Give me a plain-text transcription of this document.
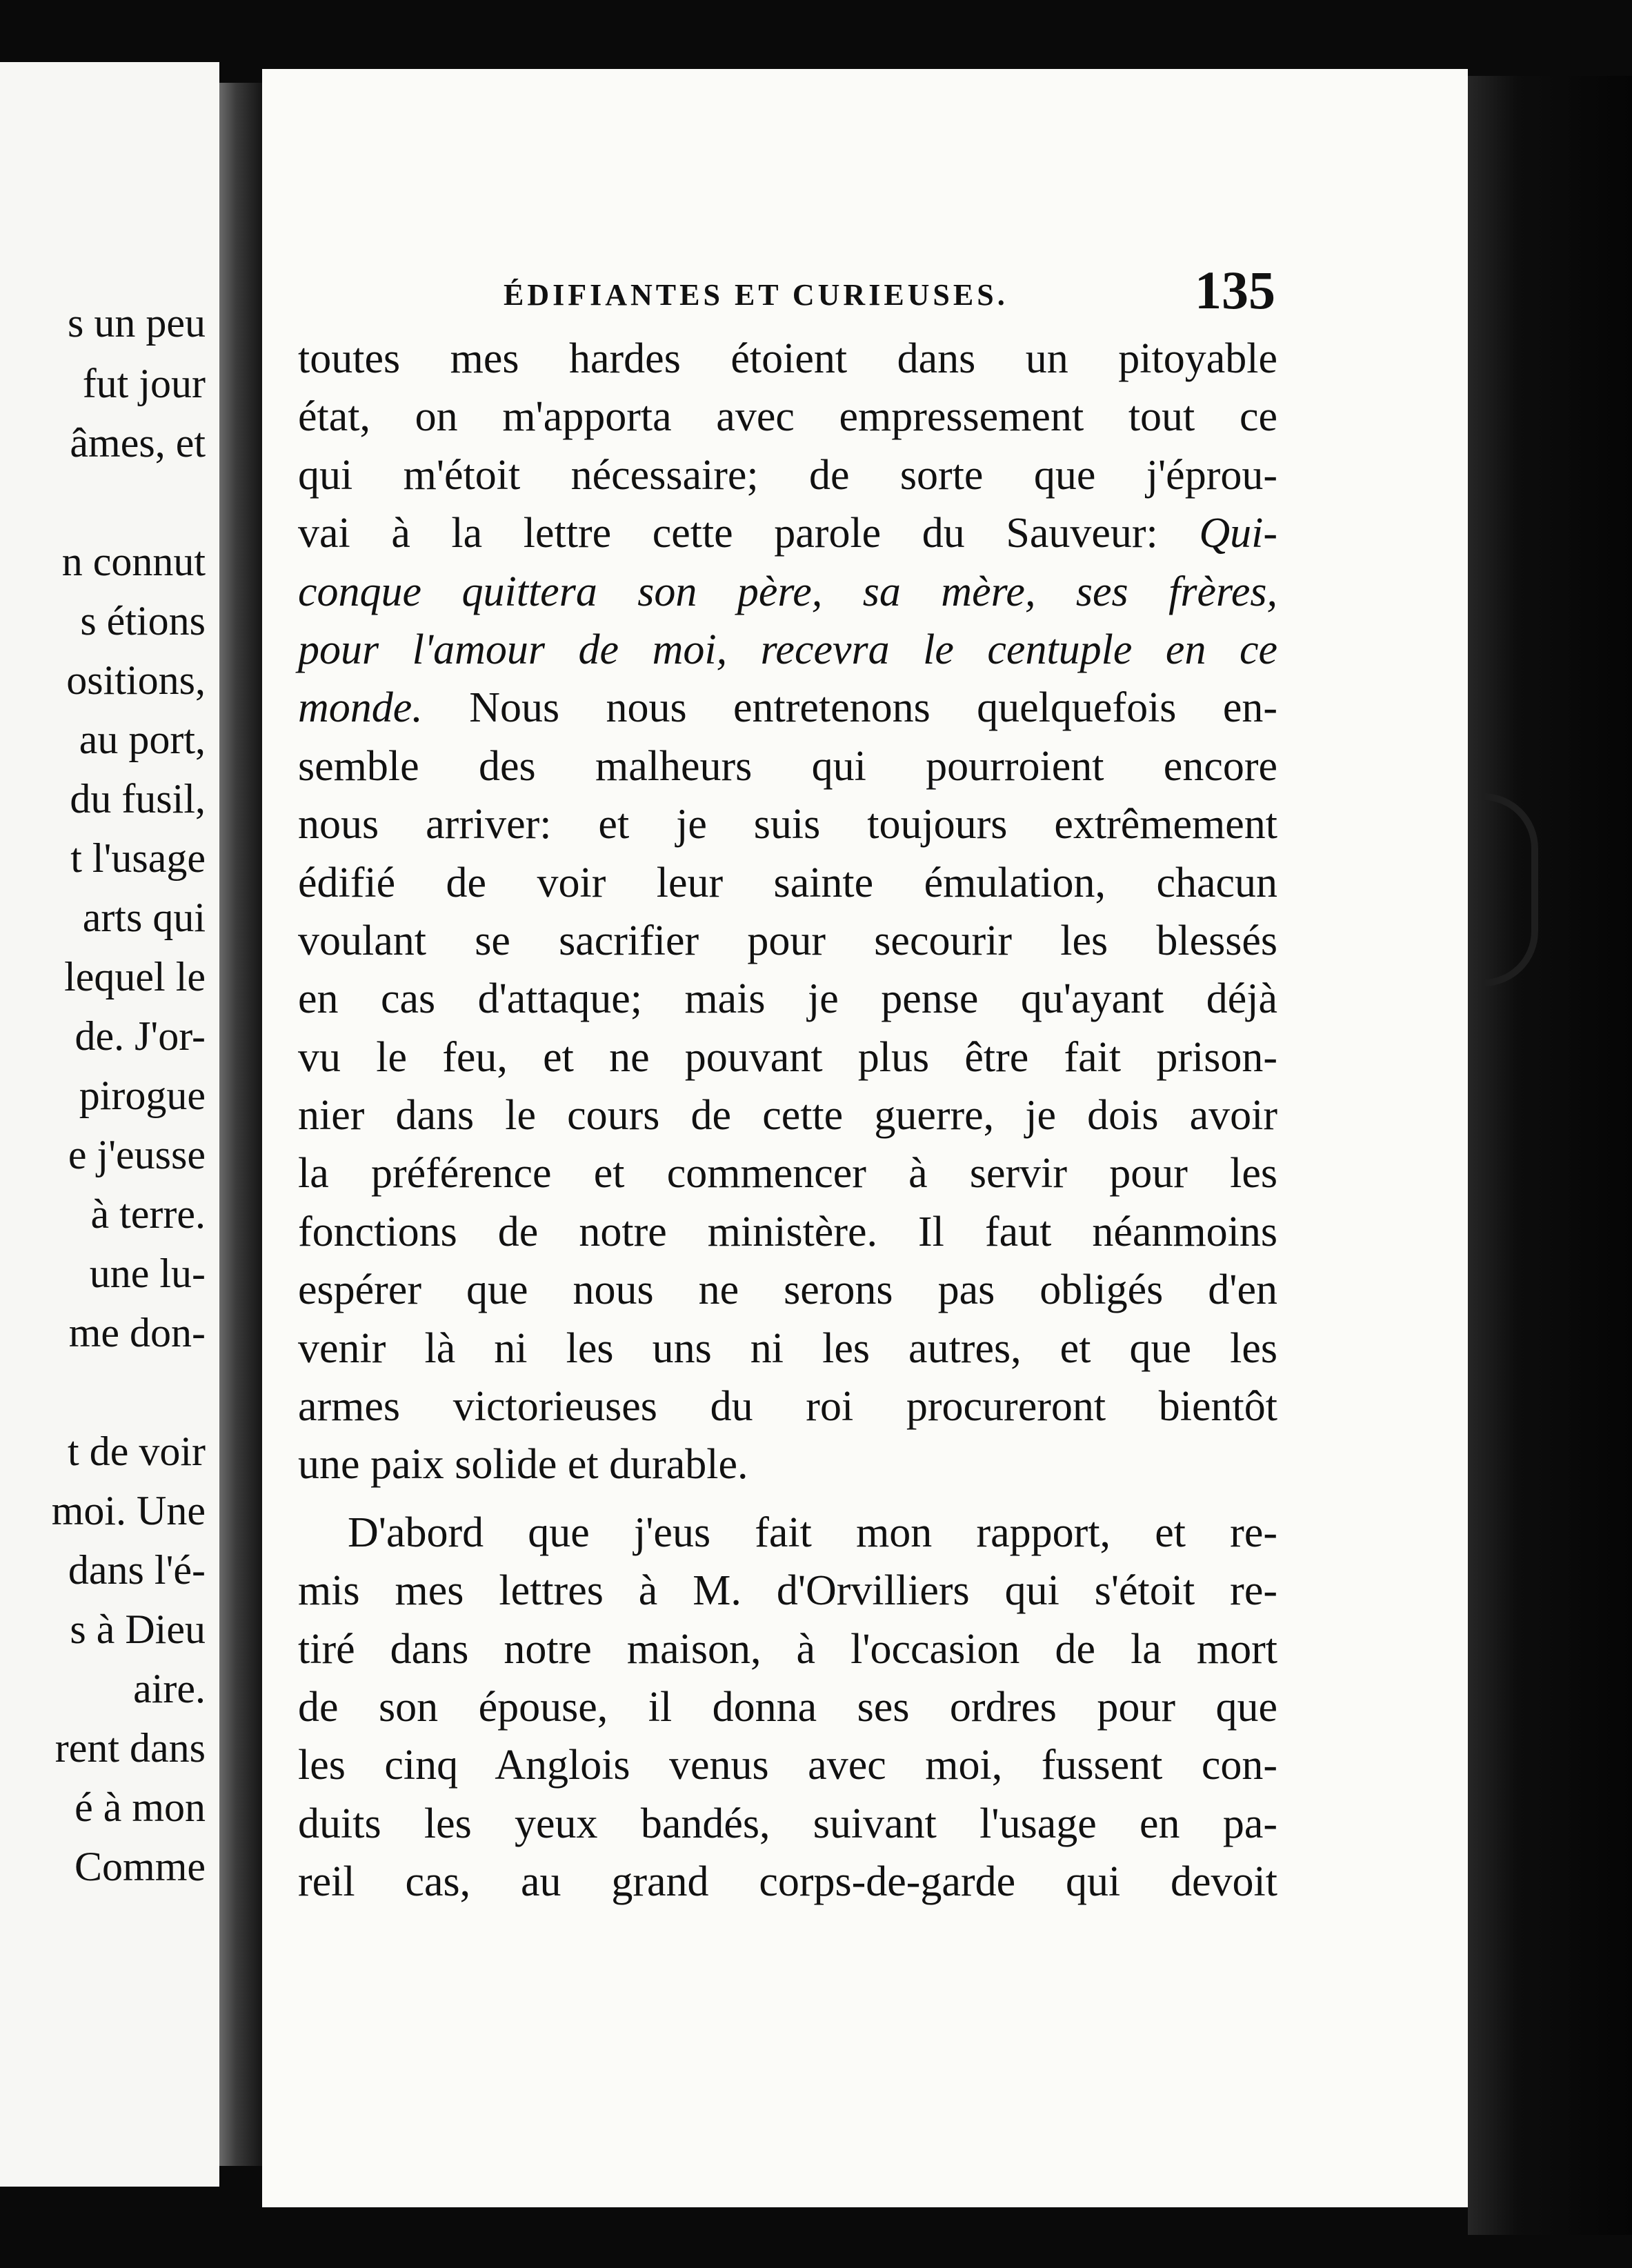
s un peu
fut jour
âmes, et
n connut
s étions
ositions,
au port,
du fusil,
t l'usage
arts qui
lequel le
de. J'or-
pirogue
e j'eusse
à terre.
une lu-
me don-
t de voir
moi. Une
dans l'é-
s à Dieu
aire.
rent dans
é à mon
Comme
ÉDIFIANTES ET CURIEUSES.	135
toutes mes hardes étoient dans un pitoyable
état, on m'apporta avec empressement tout ce
qui m'étoit nécessaire; de sorte que j'éprou-
vai à la lettre cette parole du Sauveur: Qui-
conque quittera son père, sa mère, ses frères,
pour l'amour de moi, recevra le centuple en ce
monde. Nous nous entretenons quelquefois en-
semble des malheurs qui pourroient encore
nous arriver: et je suis toujours extrêmement
édifié de voir leur sainte émulation, chacun
voulant se sacrifier pour secourir les blessés
en cas d'attaque; mais je pense qu'ayant déjà
vu le feu, et ne pouvant plus être fait prison-
nier dans le cours de cette guerre, je dois avoir
la préférence et commencer à servir pour les
fonctions de notre ministère. Il faut néanmoins
espérer que nous ne serons pas obligés d'en
venir là ni les uns ni les autres, et que les
armes victorieuses du roi procureront bientôt
une paix solide et durable.
D'abord que j'eus fait mon rapport, et re-
mis mes lettres à M. d'Orvilliers qui s'étoit re-
tiré dans notre maison, à l'occasion de la mort
de son épouse, il donna ses ordres pour que
les cinq Anglois venus avec moi, fussent con-
duits les yeux bandés, suivant l'usage en pa-
reil cas, au grand corps-de-garde qui devoit
